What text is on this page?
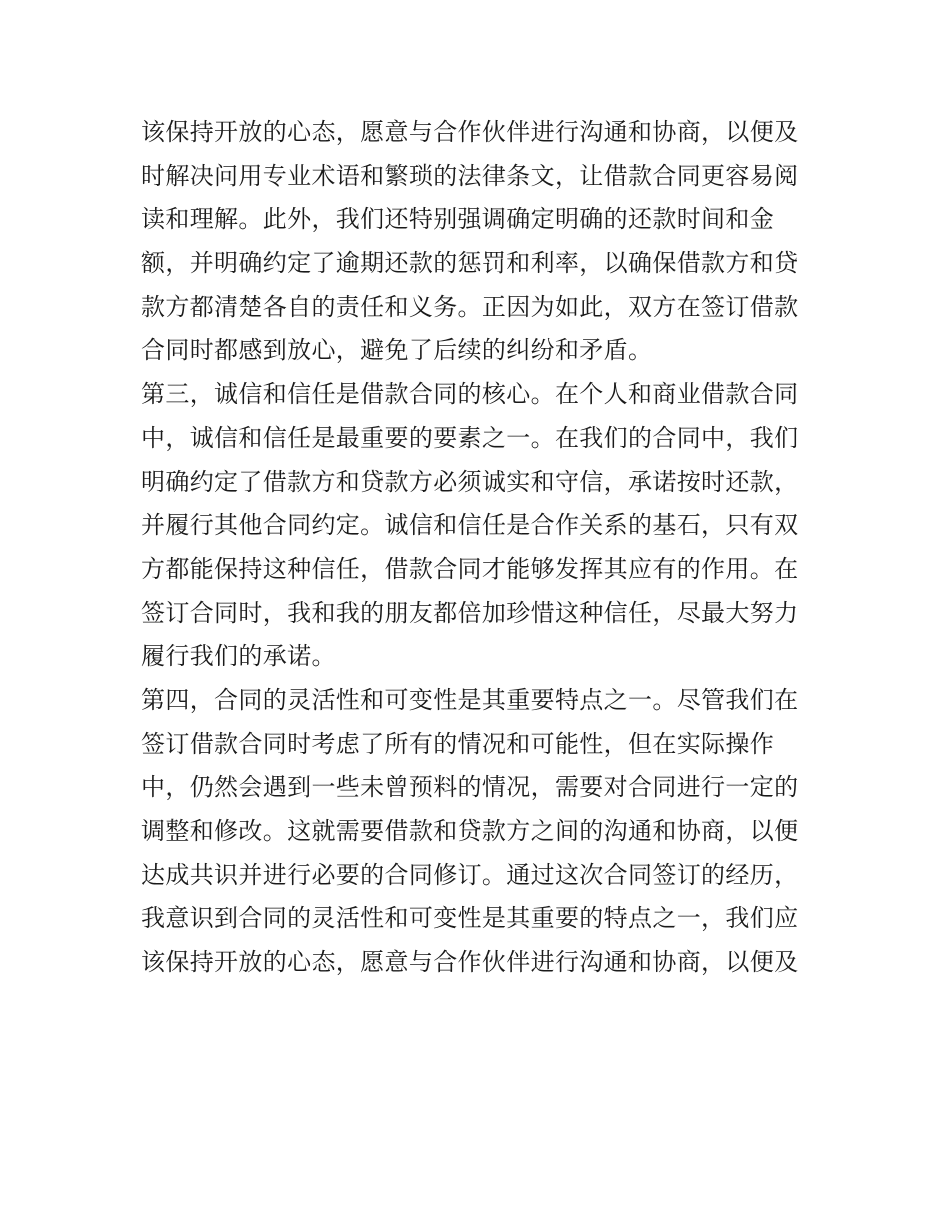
该保持开放的心态，愿意与合作伙伴进行沟通和协商，以便及
时解决问用专业术语和繁琐的法律条文，让借款合同更容易阅
读和理解。此外，我们还特别强调确定明确的还款时间和金
额，并明确约定了逾期还款的惩罚和利率，以确保借款方和贷
款方都清楚各自的责任和义务。正因为如此，双方在签订借款
合同时都感到放心，避免了后续的纠纷和矛盾。
第三，诚信和信任是借款合同的核心。在个人和商业借款合同
中，诚信和信任是最重要的要素之一。在我们的合同中，我们
明确约定了借款方和贷款方必须诚实和守信，承诺按时还款，
并履行其他合同约定。诚信和信任是合作关系的基石，只有双
方都能保持这种信任，借款合同才能够发挥其应有的作用。在
签订合同时，我和我的朋友都倍加珍惜这种信任，尽最大努力
履行我们的承诺。
第四，合同的灵活性和可变性是其重要特点之一。尽管我们在
签订借款合同时考虑了所有的情况和可能性，但在实际操作
中，仍然会遇到一些未曾预料的情况，需要对合同进行一定的
调整和修改。这就需要借款和贷款方之间的沟通和协商，以便
达成共识并进行必要的合同修订。通过这次合同签订的经历，
我意识到合同的灵活性和可变性是其重要的特点之一，我们应
该保持开放的心态，愿意与合作伙伴进行沟通和协商，以便及
